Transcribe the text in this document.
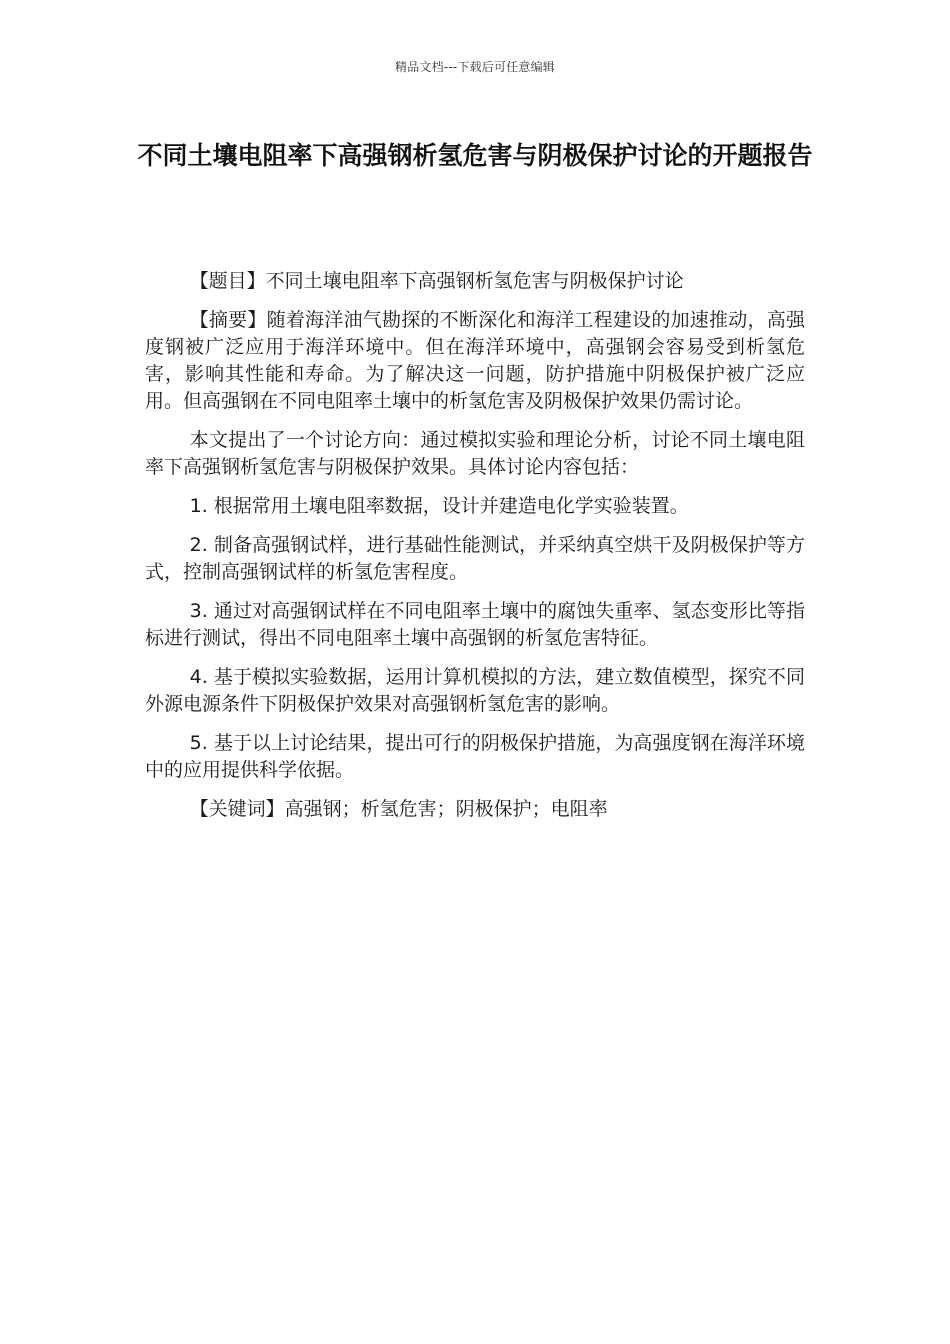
精品文档---下载后可任意编辑
不同土壤电阻率下高强钢析氢危害与阴极保护讨论的开题报告

【题目】不同土壤电阻率下高强钢析氢危害与阴极保护讨论

【摘要】随着海洋油气勘探的不断深化和海洋工程建设的加速推动，高强度钢被广泛应用于海洋环境中。但在海洋环境中，高强钢会容易受到析氢危害，影响其性能和寿命。为了解决这一问题，防护措施中阴极保护被广泛应用。但高强钢在不同电阻率土壤中的析氢危害及阴极保护效果仍需讨论。

本文提出了一个讨论方向：通过模拟实验和理论分析，讨论不同土壤电阻率下高强钢析氢危害与阴极保护效果。具体讨论内容包括：

1. 根据常用土壤电阻率数据，设计并建造电化学实验装置。

2. 制备高强钢试样，进行基础性能测试，并采纳真空烘干及阴极保护等方式，控制高强钢试样的析氢危害程度。

3. 通过对高强钢试样在不同电阻率土壤中的腐蚀失重率、氢态变形比等指标进行测试，得出不同电阻率土壤中高强钢的析氢危害特征。

4. 基于模拟实验数据，运用计算机模拟的方法，建立数值模型，探究不同外源电源条件下阴极保护效果对高强钢析氢危害的影响。

5. 基于以上讨论结果，提出可行的阴极保护措施，为高强度钢在海洋环境中的应用提供科学依据。

【关键词】高强钢；析氢危害；阴极保护；电阻率
